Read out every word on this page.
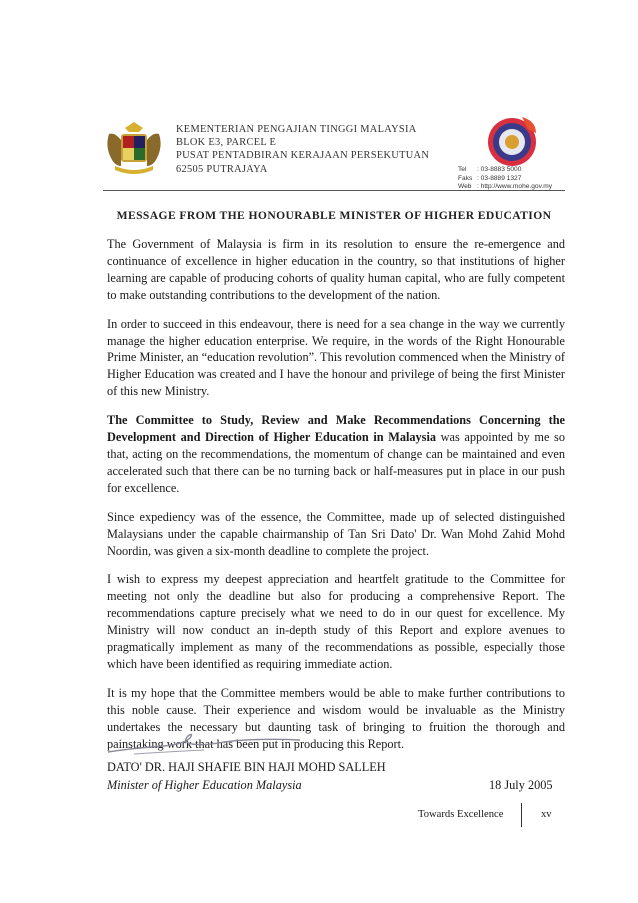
KEMENTERIAN PENGAJIAN TINGGI MALAYSIA
BLOK E3, PARCEL E
PUSAT PENTADBIRAN KERAJAAN PERSEKUTUAN
62505 PUTRAJAYA	Tel : 03-8883 5000
Faks : 03-8889 1327
Web : http://www.mohe.gov.my
MESSAGE FROM THE HONOURABLE MINISTER OF HIGHER EDUCATION

The Government of Malaysia is firm in its resolution to ensure the re-emergence and continuance of excellence in higher education in the country, so that institutions of higher learning are capable of producing cohorts of quality human capital, who are fully competent to make outstanding contributions to the development of the nation.

In order to succeed in this endeavour, there is need for a sea change in the way we currently manage the higher education enterprise. We require, in the words of the Right Honourable Prime Minister, an “education revolution”. This revolution commenced when the Ministry of Higher Education was created and I have the honour and privilege of being the first Minister of this new Ministry.

The Committee to Study, Review and Make Recommendations Concerning the Development and Direction of Higher Education in Malaysia was appointed by me so that, acting on the recommendations, the momentum of change can be maintained and even accelerated such that there can be no turning back or half-measures put in place in our push for excellence.

Since expediency was of the essence, the Committee, made up of selected distinguished Malaysians under the capable chairmanship of Tan Sri Dato' Dr. Wan Mohd Zahid Mohd Noordin, was given a six-month deadline to complete the project.

I wish to express my deepest appreciation and heartfelt gratitude to the Committee for meeting not only the deadline but also for producing a comprehensive Report. The recommendations capture precisely what we need to do in our quest for excellence. My Ministry will now conduct an in-depth study of this Report and explore avenues to pragmatically implement as many of the recommendations as possible, especially those which have been identified as requiring immediate action.

It is my hope that the Committee members would be able to make further contributions to this noble cause. Their experience and wisdom would be invaluable as the Ministry undertakes the necessary but daunting task of bringing to fruition the thorough and painstaking work that has been put in producing this Report.

DATO' DR. HAJI SHAFIE BIN HAJI MOHD SALLEH
Minister of Higher Education Malaysia	18 July 2005
Towards Excellence	xv
